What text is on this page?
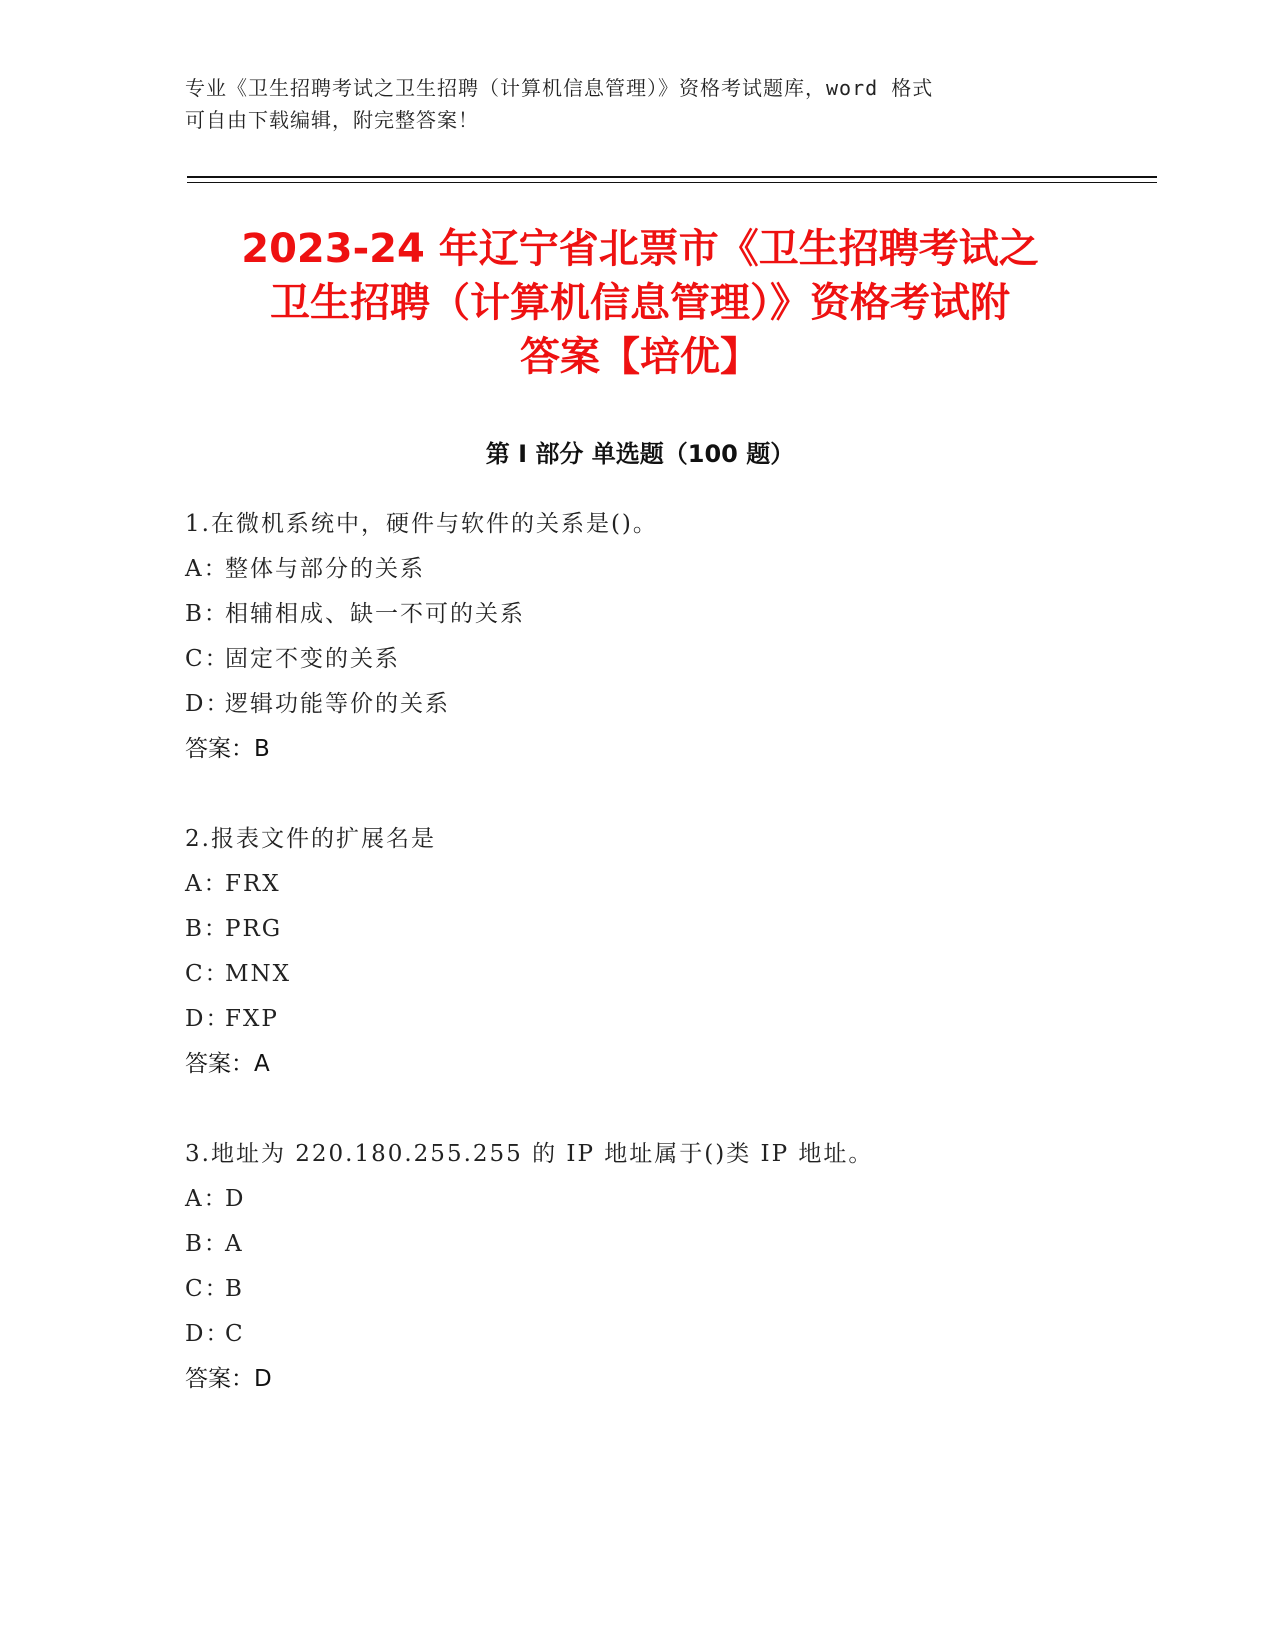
专业《卫生招聘考试之卫生招聘（计算机信息管理）》资格考试题库，word 格式
可自由下载编辑，附完整答案！
2023-24 年辽宁省北票市《卫生招聘考试之
卫生招聘（计算机信息管理）》资格考试附
答案【培优】
第 I 部分 单选题（100 题）
1.在微机系统中，硬件与软件的关系是()。
A：整体与部分的关系
B：相辅相成、缺一不可的关系
C：固定不变的关系
D：逻辑功能等价的关系
答案：B
2.报表文件的扩展名是
A：FRX
B：PRG
C：MNX
D：FXP
答案：A
3.地址为 220.180.255.255 的 IP 地址属于()类 IP 地址。
A：D
B：A
C：B
D：C
答案：D
